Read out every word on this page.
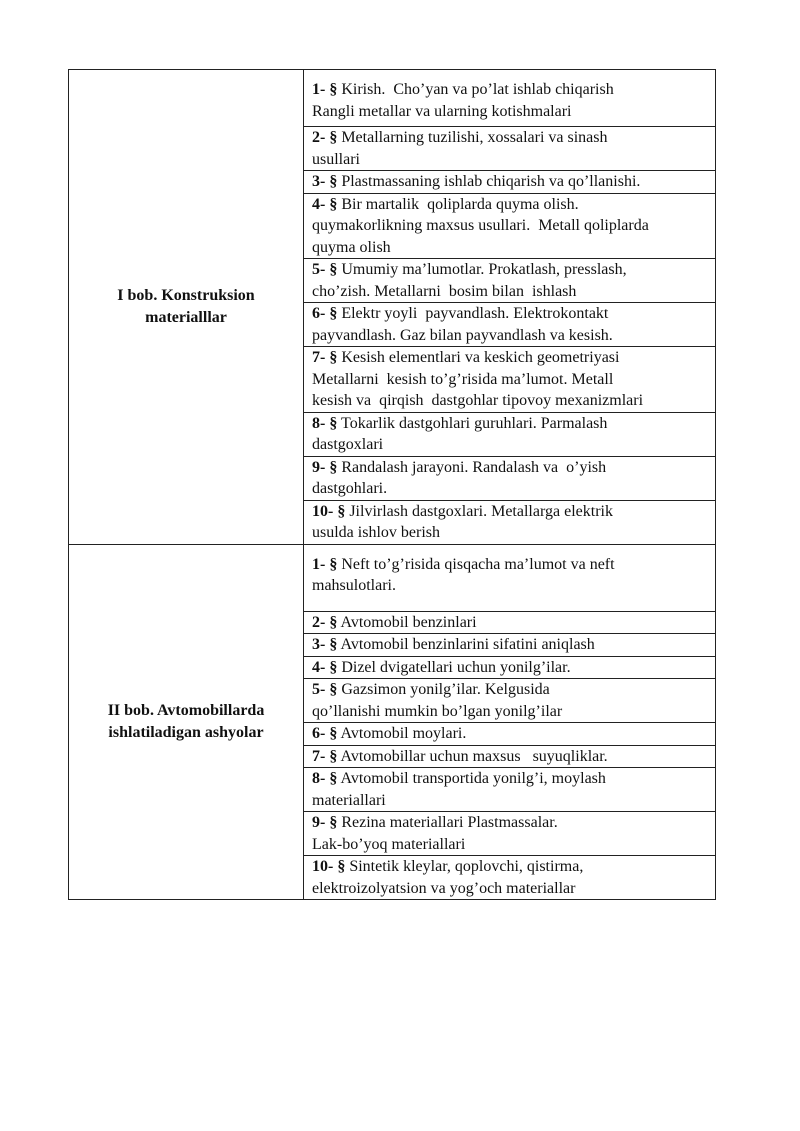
I bob. Konstruksion
materialllar	1- § Kirish.  Cho’yan va po’lat ishlab chiqarish
Rangli metallar va ularning kotishmalari

	2- § Metallarning tuzilishi, xossalari va sinash
usullari

	3- § Plastmassaning ishlab chiqarish va qo’llanishi.

	4- § Bir martalik  qoliplarda quyma olish.
quymakorlikning maxsus usullari.  Metall qoliplarda
quyma olish

	5- § Umumiy ma’lumotlar. Prokatlash, presslash,
cho’zish. Metallarni  bosim bilan  ishlash

	6- § Elektr yoyli  payvandlash. Elektrokontakt
payvandlash. Gaz bilan payvandlash va kesish.

	7- § Kesish elementlari va keskich geometriyasi
Metallarni  kesish to’g’risida ma’lumot. Metall
kesish va  qirqish  dastgohlar tipovoy mexanizmlari

	8- § Tokarlik dastgohlari guruhlari. Parmalash
dastgoxlari

	9- § Randalash jarayoni. Randalash va  o’yish
dastgohlari.

	10- § Jilvirlash dastgoxlari. Metallarga elektrik
usulda ishlov berish

II bob. Avtomobillarda
ishlatiladigan ashyolar	1- § Neft to’g’risida qisqacha ma’lumot va neft
mahsulotlari.

	2- § Avtomobil benzinlari

	3- § Avtomobil benzinlarini sifatini aniqlash

	4- § Dizel dvigatellari uchun yonilg’ilar.

	5- § Gazsimon yonilg’ilar. Kelgusida
qo’llanishi mumkin bo’lgan yonilg’ilar

	6- § Avtomobil moylari.

	7- § Avtomobillar uchun maxsus   suyuqliklar.

	8- § Avtomobil transportida yonilg’i, moylash
materiallari

	9- § Rezina materiallari Plastmassalar.
Lak-bo’yoq materiallari

	10- § Sintetik kleylar, qoplovchi, qistirma,
elektroizolyatsion va yog’och materiallar
